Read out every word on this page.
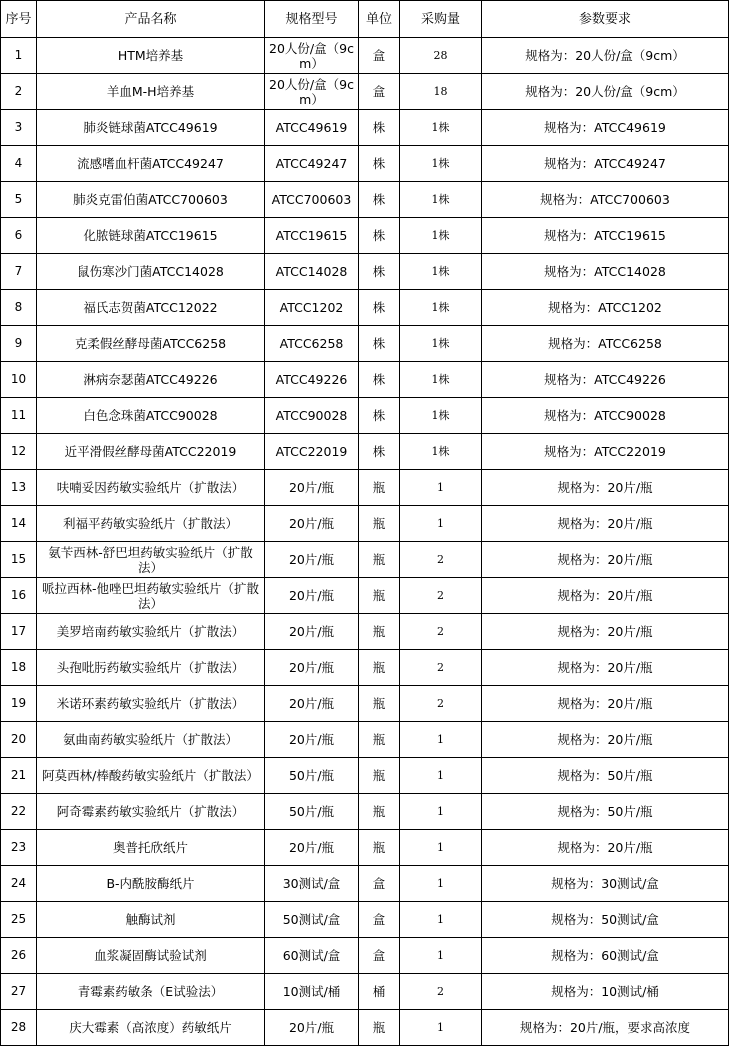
序号	产品名称	规格型号	单位	采购量	参数要求
1	HTM培养基	20人份/盒（9cm）	盒	28	规格为：20人份/盒（9cm）
2	羊血M-H培养基	20人份/盒（9cm）	盒	18	规格为：20人份/盒（9cm）
3	肺炎链球菌ATCC49619	ATCC49619	株	1株	规格为：ATCC49619
4	流感嗜血杆菌ATCC49247	ATCC49247	株	1株	规格为：ATCC49247
5	肺炎克雷伯菌ATCC700603	ATCC700603	株	1株	规格为：ATCC700603
6	化脓链球菌ATCC19615	ATCC19615	株	1株	规格为：ATCC19615
7	鼠伤寒沙门菌ATCC14028	ATCC14028	株	1株	规格为：ATCC14028
8	福氏志贺菌ATCC12022	ATCC1202	株	1株	规格为：ATCC1202
9	克柔假丝酵母菌ATCC6258	ATCC6258	株	1株	规格为：ATCC6258
10	淋病奈瑟菌ATCC49226	ATCC49226	株	1株	规格为：ATCC49226
11	白色念珠菌ATCC90028	ATCC90028	株	1株	规格为：ATCC90028
12	近平滑假丝酵母菌ATCC22019	ATCC22019	株	1株	规格为：ATCC22019
13	呋喃妥因药敏实验纸片（扩散法）	20片/瓶	瓶	1	规格为：20片/瓶
14	利福平药敏实验纸片（扩散法）	20片/瓶	瓶	1	规格为：20片/瓶
15	氨苄西林-舒巴坦药敏实验纸片（扩散法）	20片/瓶	瓶	2	规格为：20片/瓶
16	哌拉西林-他唑巴坦药敏实验纸片（扩散法）	20片/瓶	瓶	2	规格为：20片/瓶
17	美罗培南药敏实验纸片（扩散法）	20片/瓶	瓶	2	规格为：20片/瓶
18	头孢吡肟药敏实验纸片（扩散法）	20片/瓶	瓶	2	规格为：20片/瓶
19	米诺环素药敏实验纸片（扩散法）	20片/瓶	瓶	2	规格为：20片/瓶
20	氨曲南药敏实验纸片（扩散法）	20片/瓶	瓶	1	规格为：20片/瓶
21	阿莫西林/棒酸药敏实验纸片（扩散法）	50片/瓶	瓶	1	规格为：50片/瓶
22	阿奇霉素药敏实验纸片（扩散法）	50片/瓶	瓶	1	规格为：50片/瓶
23	奥普托欣纸片	20片/瓶	瓶	1	规格为：20片/瓶
24	B-内酰胺酶纸片	30测试/盒	盒	1	规格为：30测试/盒
25	触酶试剂	50测试/盒	盒	1	规格为：50测试/盒
26	血浆凝固酶试验试剂	60测试/盒	盒	1	规格为：60测试/盒
27	青霉素药敏条（E试验法）	10测试/桶	桶	2	规格为：10测试/桶
28	庆大霉素（高浓度）药敏纸片	20片/瓶	瓶	1	规格为：20片/瓶，要求高浓度
